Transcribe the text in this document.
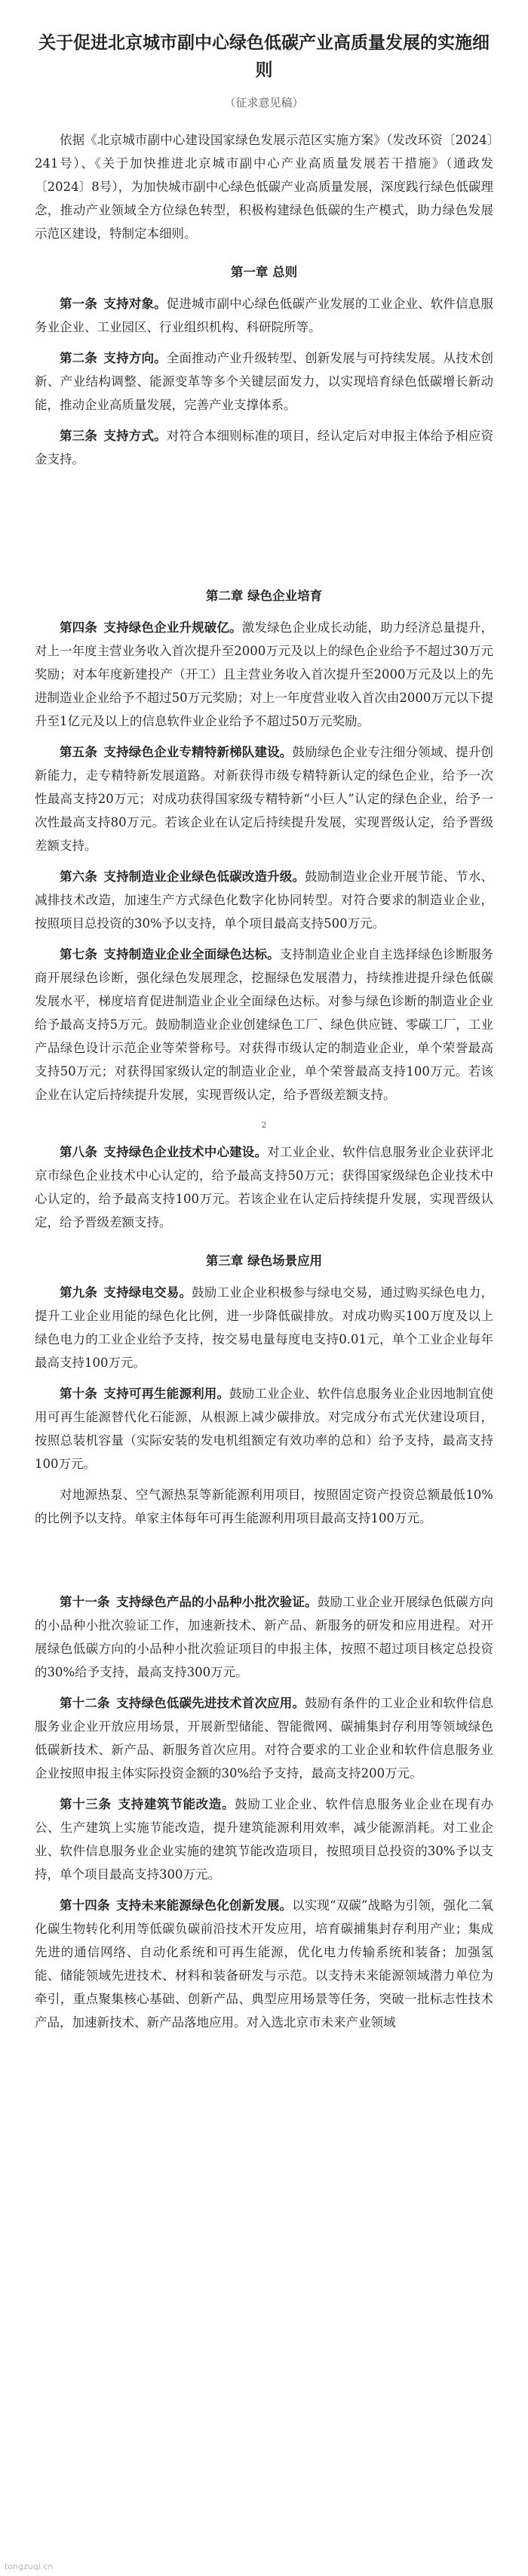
关于促进北京城市副中心绿色低碳产业高质量发展的实施细则
（征求意见稿）

依据《北京城市副中心建设国家绿色发展示范区实施方案》（发改环资〔2024〕241号）、《关于加快推进北京城市副中心产业高质量发展若干措施》（通政发〔2024〕8号），为加快城市副中心绿色低碳产业高质量发展，深度践行绿色低碳理念，推动产业领域全方位绿色转型，积极构建绿色低碳的生产模式，助力绿色发展示范区建设，特制定本细则。

第一章 总则

第一条  支持对象。促进城市副中心绿色低碳产业发展的工业企业、软件信息服务业企业、工业园区、行业组织机构、科研院所等。

第二条  支持方向。全面推动产业升级转型、创新发展与可持续发展。从技术创新、产业结构调整、能源变革等多个关键层面发力，以实现培育绿色低碳增长新动能，推动企业高质量发展，完善产业支撑体系。

第三条  支持方式。对符合本细则标准的项目，经认定后对申报主体给予相应资金支持。

第二章 绿色企业培育

第四条  支持绿色企业升规破亿。激发绿色企业成长动能，助力经济总量提升，对上一年度主营业务收入首次提升至2000万元及以上的绿色企业给予不超过30万元奖励；对本年度新建投产（开工）且主营业务收入首次提升至2000万元及以上的先进制造业企业给予不超过50万元奖励；对上一年度营业收入首次由2000万元以下提升至1亿元及以上的信息软件业企业给予不超过50万元奖励。

第五条  支持绿色企业专精特新梯队建设。鼓励绿色企业专注细分领域、提升创新能力，走专精特新发展道路。对新获得市级专精特新认定的绿色企业，给予一次性最高支持20万元；对成功获得国家级专精特新“小巨人”认定的绿色企业，给予一次性最高支持80万元。若该企业在认定后持续提升发展，实现晋级认定，给予晋级差额支持。

第六条  支持制造业企业绿色低碳改造升级。鼓励制造业企业开展节能、节水、减排技术改造，加速生产方式绿色化数字化协同转型。对符合要求的制造业企业，按照项目总投资的30%予以支持，单个项目最高支持500万元。

第七条  支持制造业企业全面绿色达标。支持制造业企业自主选择绿色诊断服务商开展绿色诊断，强化绿色发展理念，挖掘绿色发展潜力，持续推进提升绿色低碳发展水平，梯度培育促进制造业企业全面绿色达标。对参与绿色诊断的制造业企业给予最高支持5万元。鼓励制造业企业创建绿色工厂、绿色供应链、零碳工厂，工业产品绿色设计示范企业等荣誉称号。对获得市级认定的制造业企业，单个荣誉最高支持50万元；对获得国家级认定的制造业企业，单个荣誉最高支持100万元。若该企业在认定后持续提升发展，实现晋级认定，给予晋级差额支持。

2

第八条  支持绿色企业技术中心建设。对工业企业、软件信息服务业企业获评北京市绿色企业技术中心认定的，给予最高支持50万元；获得国家级绿色企业技术中心认定的，给予最高支持100万元。若该企业在认定后持续提升发展，实现晋级认定，给予晋级差额支持。

第三章 绿色场景应用

第九条  支持绿电交易。鼓励工业企业积极参与绿电交易，通过购买绿色电力，提升工业企业用能的绿色化比例，进一步降低碳排放。对成功购买100万度及以上绿色电力的工业企业给予支持，按交易电量每度电支持0.01元，单个工业企业每年最高支持100万元。

第十条  支持可再生能源利用。鼓励工业企业、软件信息服务业企业因地制宜使用可再生能源替代化石能源，从根源上减少碳排放。对完成分布式光伏建设项目，按照总装机容量（实际安装的发电机组额定有效功率的总和）给予支持，最高支持100万元。

对地源热泵、空气源热泵等新能源利用项目，按照固定资产投资总额最低10%的比例予以支持。单家主体每年可再生能源利用项目最高支持100万元。

第十一条  支持绿色产品的小品种小批次验证。鼓励工业企业开展绿色低碳方向的小品种小批次验证工作，加速新技术、新产品、新服务的研发和应用进程。对开展绿色低碳方向的小品种小批次验证项目的申报主体，按照不超过项目核定总投资的30%给予支持，最高支持300万元。

第十二条  支持绿色低碳先进技术首次应用。鼓励有条件的工业企业和软件信息服务业企业开放应用场景，开展新型储能、智能微网、碳捕集封存利用等领域绿色低碳新技术、新产品、新服务首次应用。对符合要求的工业企业和软件信息服务业企业按照申报主体实际投资金额的30%给予支持，最高支持200万元。

第十三条  支持建筑节能改造。鼓励工业企业、软件信息服务业企业在现有办公、生产建筑上实施节能改造，提升建筑能源利用效率，减少能源消耗。对工业企业、软件信息服务业企业实施的建筑节能改造项目，按照项目总投资的30%予以支持，单个项目最高支持300万元。

第十四条  支持未来能源绿色化创新发展。以实现“双碳”战略为引领，强化二氧化碳生物转化利用等低碳负碳前沿技术开发应用，培育碳捕集封存利用产业；集成先进的通信网络、自动化系统和可再生能源，优化电力传输系统和装备；加强氢能、储能领域先进技术、材料和装备研发与示范。以支持未来能源领域潜力单位为牵引，重点聚集核心基础、创新产品、典型应用场景等任务，突破一批标志性技术产品，加速新技术、新产品落地应用。对入选北京市未来产业领域

tongzuqi.cn
